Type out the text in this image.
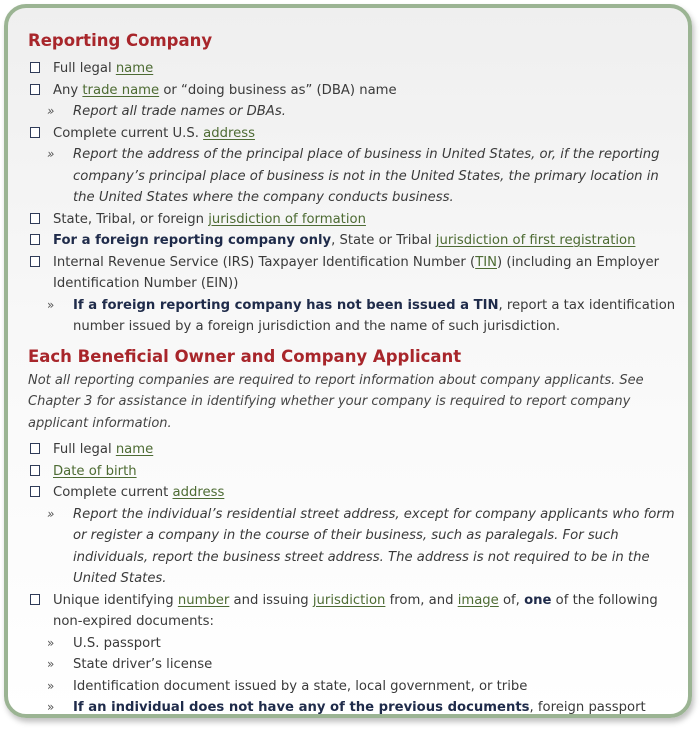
Reporting Company
Full legal name
Any trade name or “doing business as” (DBA) name
» Report all trade names or DBAs.
Complete current U.S. address
» Report the address of the principal place of business in United States, or, if the reporting company’s principal place of business is not in the United States, the primary location in the United States where the company conducts business.
State, Tribal, or foreign jurisdiction of formation
For a foreign reporting company only, State or Tribal jurisdiction of first registration
Internal Revenue Service (IRS) Taxpayer Identification Number (TIN) (including an Employer Identification Number (EIN))
» If a foreign reporting company has not been issued a TIN, report a tax identification number issued by a foreign jurisdiction and the name of such jurisdiction.
Each Beneficial Owner and Company Applicant

Not all reporting companies are required to report information about company applicants. See Chapter 3 for assistance in identifying whether your company is required to report company applicant information.

Full legal name
Date of birth
Complete current address
» Report the individual’s residential street address, except for company applicants who form or register a company in the course of their business, such as paralegals. For such individuals, report the business street address. The address is not required to be in the United States.
Unique identifying number and issuing jurisdiction from, and image of, one of the following non-expired documents:
» U.S. passport
» State driver’s license
» Identification document issued by a state, local government, or tribe
» If an individual does not have any of the previous documents, foreign passport
